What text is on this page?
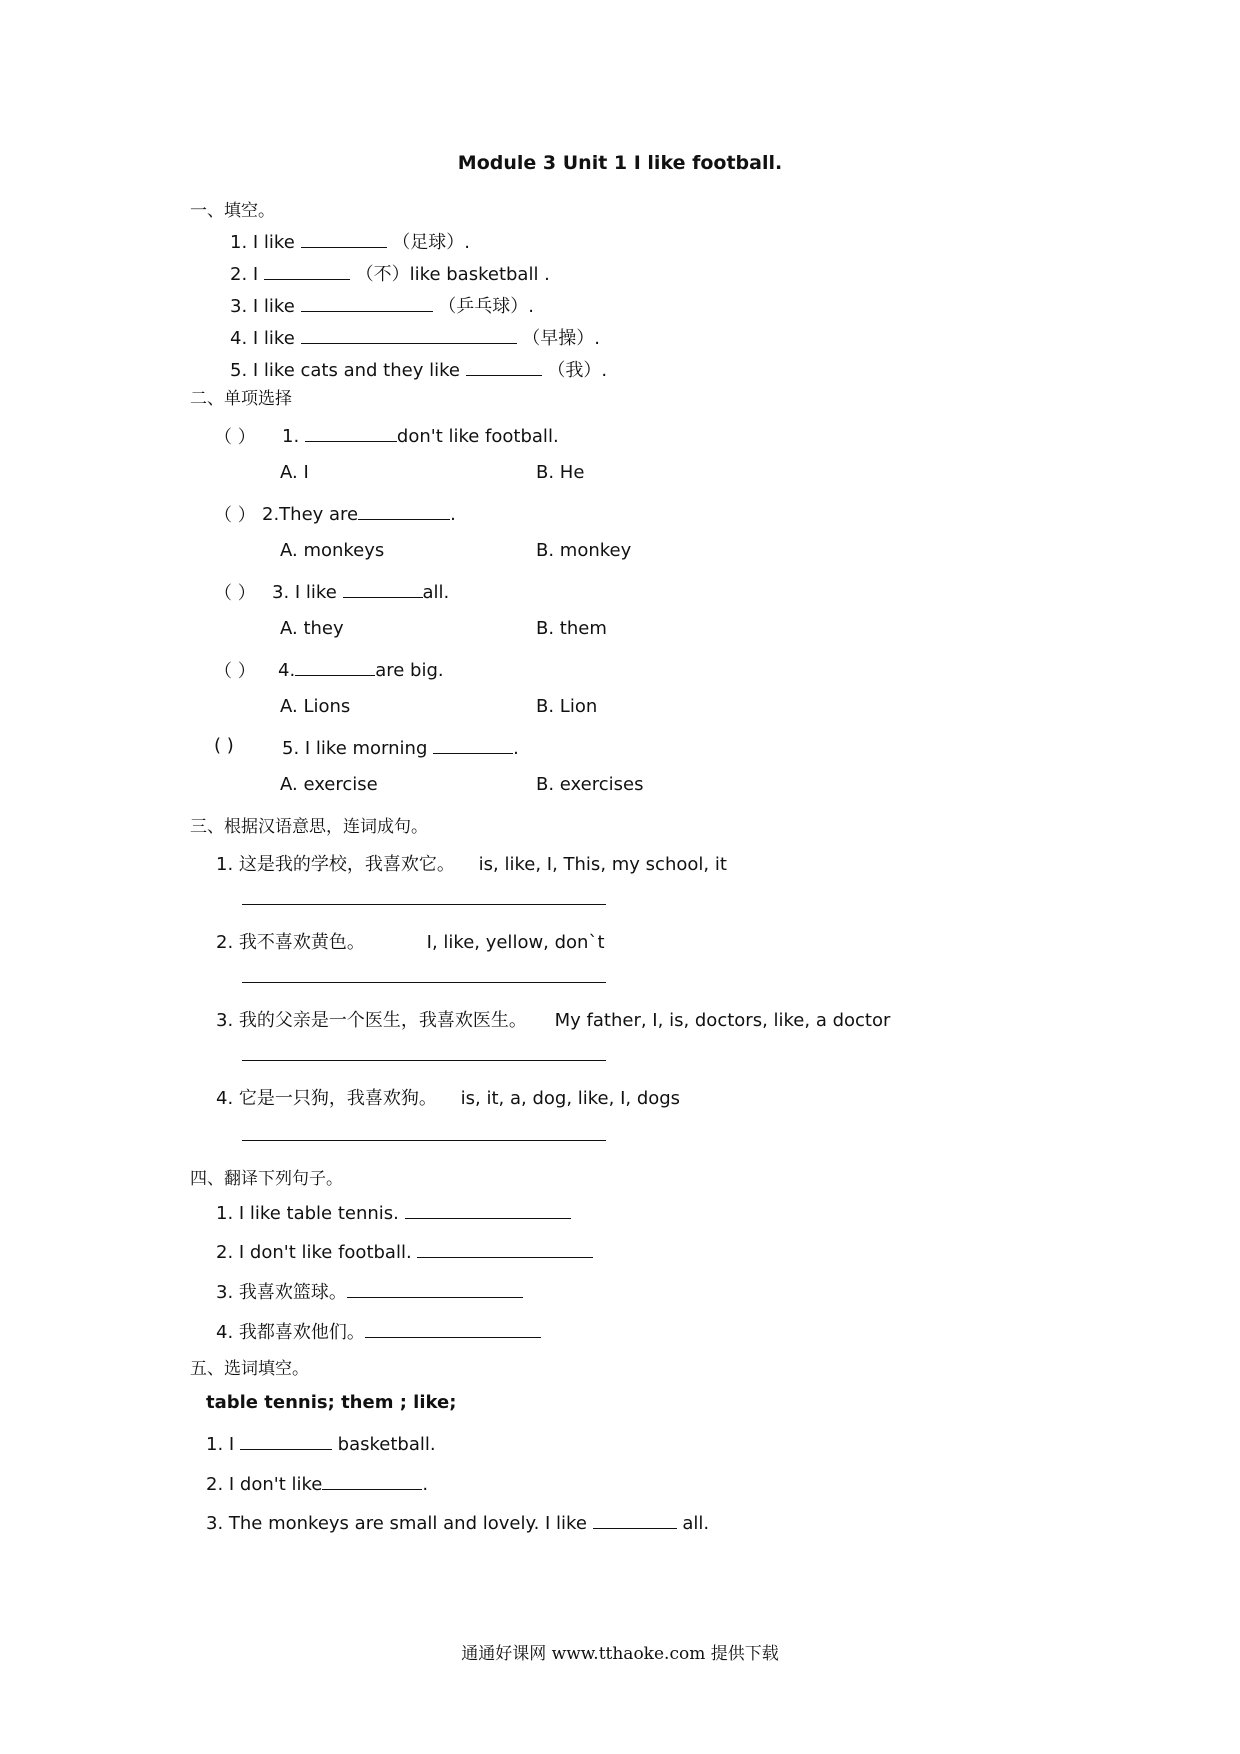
Module 3 Unit 1 I like football.
一、填空。
1. I like	（足球）.
2. I	（不）like basketball .
3. I like	（乒乓球）.
4. I like	（早操）.
5. I like cats and they like	（我）.
二、单项选择
（ ） 1.	don't like football.
A. I	B. He
（ ） 2.They are	.
A. monkeys	B. monkey
（ ） 3. I like	all.
A. they	B. them
（ ） 4.	are big.
A. Lions	B. Lion
( )	5. I like morning	.
A. exercise	B. exercises
三、根据汉语意思，连词成句。
1. 这是我的学校，我喜欢它。 is, like, I, This, my school, it
2. 我不喜欢黄色。	I, like, yellow, don`t
3. 我的父亲是一个医生，我喜欢医生。 My father, I, is, doctors, like, a doctor
4. 它是一只狗，我喜欢狗。 is, it, a, dog, like, I, dogs
四、翻译下列句子。
1. I like table tennis.
2. I don't like football.
3. 我喜欢篮球。
4. 我都喜欢他们。
五、选词填空。
table tennis; them ; like;
1. I	basketball.
2. I don't like	.
3. The monkeys are small and lovely. I like	all.
通通好课网 www.tthaoke.com 提供下载
